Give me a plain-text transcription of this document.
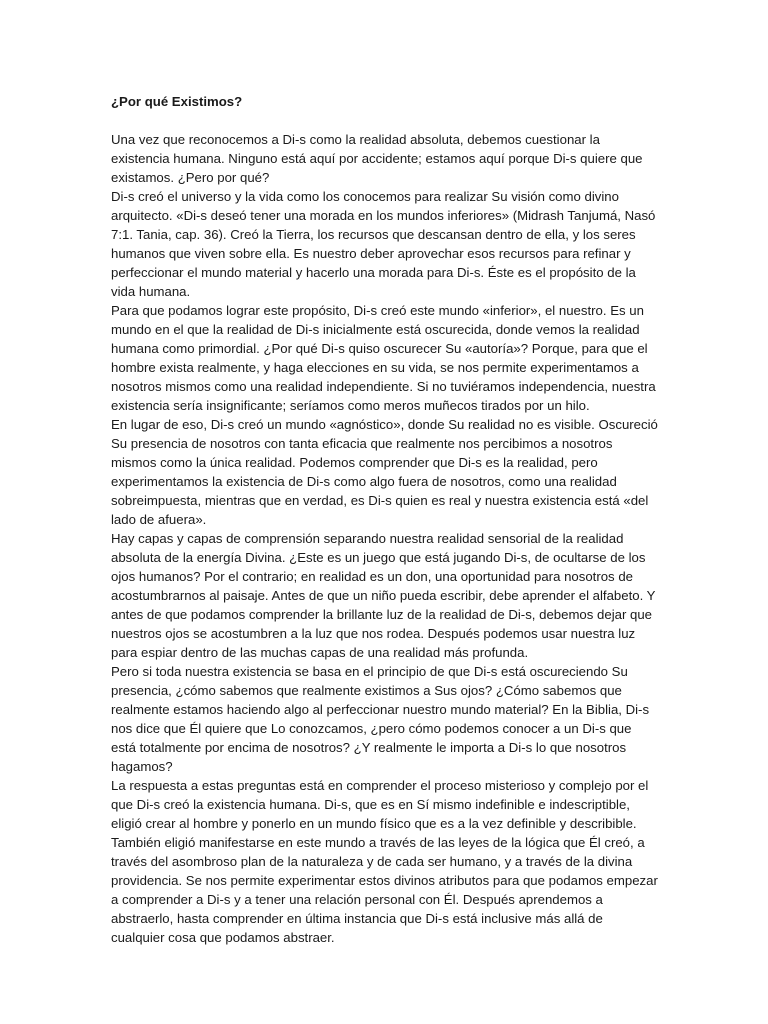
¿Por qué Existimos?

Una vez que reconocemos a Di-s como la realidad absoluta, debemos cuestionar la existencia humana. Ninguno está aquí por accidente; estamos aquí porque Di-s quiere que existamos. ¿Pero por qué?

Di-s creó el universo y la vida como los conocemos para realizar Su visión como divino arquitecto. «Di-s deseó tener una morada en los mundos inferiores» (Midrash Tanjumá, Nasó 7:1. Tania, cap. 36). Creó la Tierra, los recursos que descansan dentro de ella, y los seres humanos que viven sobre ella. Es nuestro deber aprovechar esos recursos para refinar y perfeccionar el mundo material y hacerlo una morada para Di-s. Éste es el propósito de la vida humana.

Para que podamos lograr este propósito, Di-s creó este mundo «inferior», el nuestro. Es un mundo en el que la realidad de Di-s inicialmente está oscurecida, donde vemos la realidad humana como primordial. ¿Por qué Di-s quiso oscurecer Su «autoría»? Porque, para que el hombre exista realmente, y haga elecciones en su vida, se nos permite experimentamos a nosotros mismos como una realidad independiente. Si no tuviéramos independencia, nuestra existencia sería insignificante; seríamos como meros muñecos tirados por un hilo.

En lugar de eso, Di-s creó un mundo «agnóstico», donde Su realidad no es visible. Oscureció Su presencia de nosotros con tanta eficacia que realmente nos percibimos a nosotros mismos como la única realidad. Podemos comprender que Di-s es la realidad, pero experimentamos la existencia de Di-s como algo fuera de nosotros, como una realidad sobreimpuesta, mientras que en verdad, es Di-s quien es real y nuestra existencia está «del lado de afuera».

Hay capas y capas de comprensión separando nuestra realidad sensorial de la realidad absoluta de la energía Divina. ¿Este es un juego que está jugando Di-s, de ocultarse de los ojos humanos? Por el contrario; en realidad es un don, una oportunidad para nosotros de acostumbrarnos al paisaje. Antes de que un niño pueda escribir, debe aprender el alfabeto. Y antes de que podamos comprender la brillante luz de la realidad de Di-s, debemos dejar que nuestros ojos se acostumbren a la luz que nos rodea. Después podemos usar nuestra luz para espiar dentro de las muchas capas de una realidad más profunda.

Pero si toda nuestra existencia se basa en el principio de que Di-s está oscureciendo Su presencia, ¿cómo sabemos que realmente existimos a Sus ojos? ¿Cómo sabemos que realmente estamos haciendo algo al perfeccionar nuestro mundo material? En la Biblia, Di-s nos dice que Él quiere que Lo conozcamos, ¿pero cómo podemos conocer a un Di-s que está totalmente por encima de nosotros? ¿Y realmente le importa a Di-s lo que nosotros hagamos?

La respuesta a estas preguntas está en comprender el proceso misterioso y complejo por el que Di-s creó la existencia humana. Di-s, que es en Sí mismo indefinible e indescriptible, eligió crear al hombre y ponerlo en un mundo físico que es a la vez definible y describible. También eligió manifestarse en este mundo a través de las leyes de la lógica que Él creó, a través del asombroso plan de la naturaleza y de cada ser humano, y a través de la divina providencia. Se nos permite experimentar estos divinos atributos para que podamos empezar a comprender a Di-s y a tener una relación personal con Él. Después aprendemos a abstraerlo, hasta comprender en última instancia que Di-s está inclusive más allá de cualquier cosa que podamos abstraer.
